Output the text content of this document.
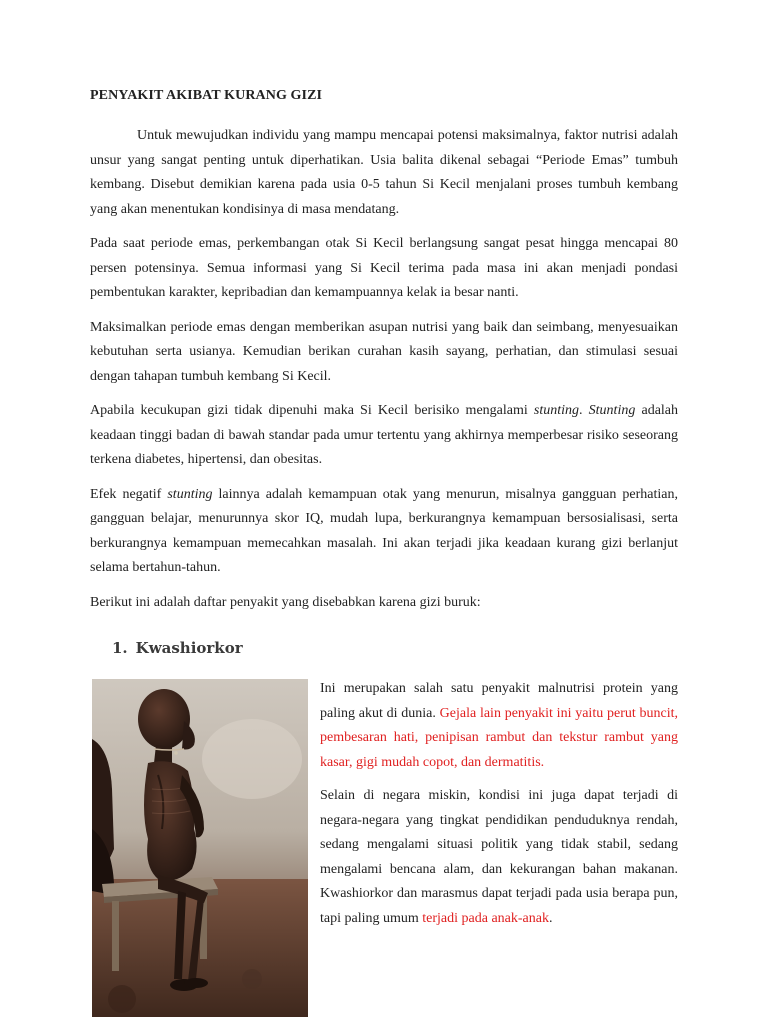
PENYAKIT AKIBAT KURANG GIZI

Untuk mewujudkan individu yang mampu mencapai potensi maksimalnya, faktor nutrisi adalah unsur yang sangat penting untuk diperhatikan. Usia balita dikenal sebagai “Periode Emas” tumbuh kembang. Disebut demikian karena pada usia 0-5 tahun Si Kecil menjalani proses tumbuh kembang yang akan menentukan kondisinya di masa mendatang.

Pada saat periode emas, perkembangan otak Si Kecil berlangsung sangat pesat hingga mencapai 80 persen potensinya. Semua informasi yang Si Kecil terima pada masa ini akan menjadi pondasi pembentukan karakter, kepribadian dan kemampuannya kelak ia besar nanti.

Maksimalkan periode emas dengan memberikan asupan nutrisi yang baik dan seimbang, menyesuaikan kebutuhan serta usianya. Kemudian berikan curahan kasih sayang, perhatian, dan stimulasi sesuai dengan tahapan tumbuh kembang Si Kecil.

Apabila kecukupan gizi tidak dipenuhi maka Si Kecil berisiko mengalami stunting. Stunting adalah keadaan tinggi badan di bawah standar pada umur tertentu yang akhirnya memperbesar risiko seseorang terkena diabetes, hipertensi, dan obesitas.

Efek negatif stunting lainnya adalah kemampuan otak yang menurun, misalnya gangguan perhatian, gangguan belajar, menurunnya skor IQ, mudah lupa, berkurangnya kemampuan bersosialisasi, serta berkurangnya kemampuan memecahkan masalah. Ini akan terjadi jika keadaan kurang gizi berlanjut selama bertahun-tahun.

Berikut ini adalah daftar penyakit yang disebabkan karena gizi buruk:

1. Kwashiorkor

Ini merupakan salah satu penyakit malnutrisi protein yang paling akut di dunia. Gejala lain penyakit ini yaitu perut buncit, pembesaran hati, penipisan rambut dan tekstur rambut yang kasar, gigi mudah copot, dan dermatitis.

Selain di negara miskin, kondisi ini juga dapat terjadi di negara-negara yang tingkat pendidikan penduduknya rendah, sedang mengalami situasi politik yang tidak stabil, sedang mengalami bencana alam, dan kekurangan bahan makanan. Kwashiorkor dan marasmus dapat terjadi pada usia berapa pun, tapi paling umum terjadi pada anak-anak.
